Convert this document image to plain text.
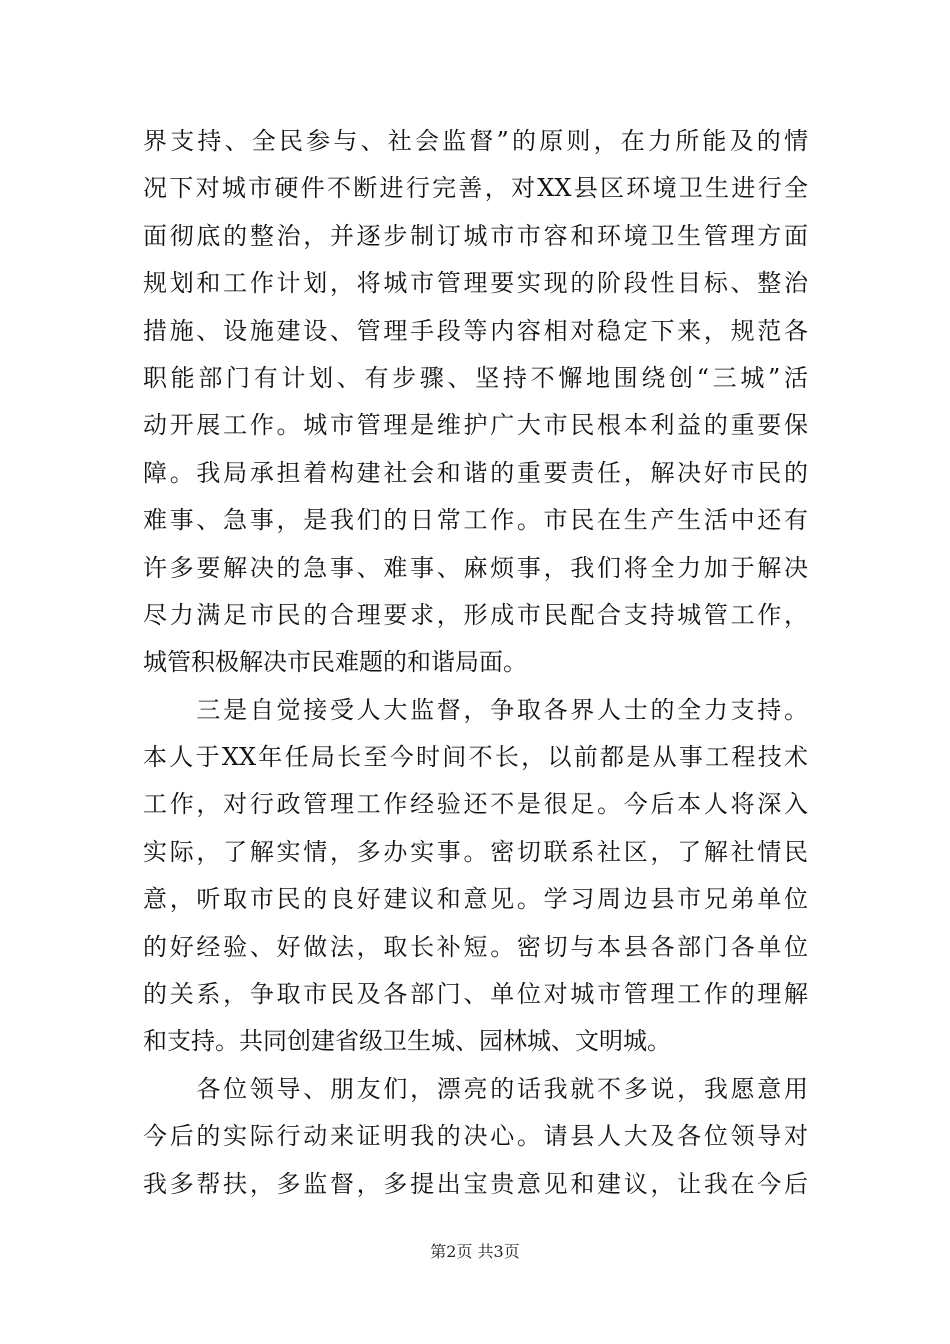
界支持、全民参与、社会监督”的原则，在力所能及的情
况下对城市硬件不断进行完善，对XX县区环境卫生进行全
面彻底的整治，并逐步制订城市市容和环境卫生管理方面
规划和工作计划，将城市管理要实现的阶段性目标、整治
措施、设施建设、管理手段等内容相对稳定下来，规范各
职能部门有计划、有步骤、坚持不懈地围绕创“三城”活
动开展工作。城市管理是维护广大市民根本利益的重要保
障。我局承担着构建社会和谐的重要责任，解决好市民的
难事、急事，是我们的日常工作。市民在生产生活中还有
许多要解决的急事、难事、麻烦事，我们将全力加于解决
尽力满足市民的合理要求，形成市民配合支持城管工作，
城管积极解决市民难题的和谐局面。
　　三是自觉接受人大监督，争取各界人士的全力支持。
本人于XX年任局长至今时间不长，以前都是从事工程技术
工作，对行政管理工作经验还不是很足。今后本人将深入
实际，了解实情，多办实事。密切联系社区，了解社情民
意，听取市民的良好建议和意见。学习周边县市兄弟单位
的好经验、好做法，取长补短。密切与本县各部门各单位
的关系，争取市民及各部门、单位对城市管理工作的理解
和支持。共同创建省级卫生城、园林城、文明城。
　　各位领导、朋友们，漂亮的话我就不多说，我愿意用
今后的实际行动来证明我的决心。请县人大及各位领导对
我多帮扶，多监督，多提出宝贵意见和建议，让我在今后
第2页 共3页
